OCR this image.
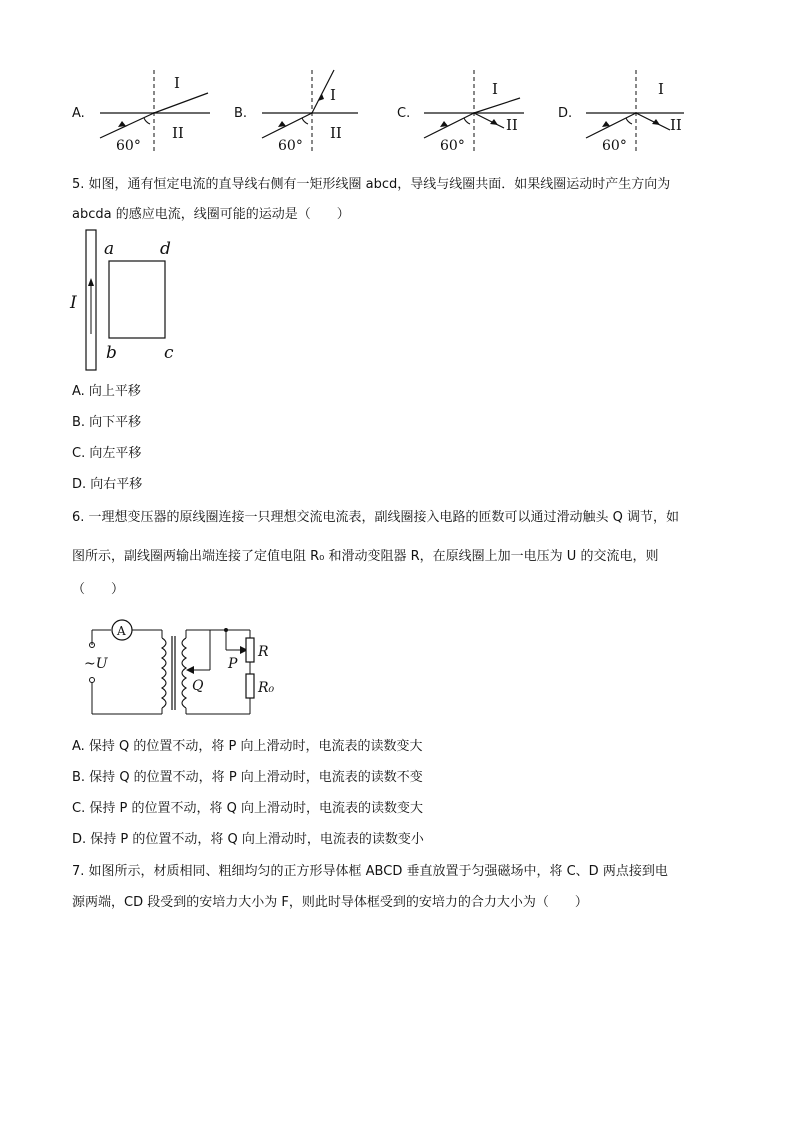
A.
I
II
60°
B.
I
II
60°
C.
I
II
60°
D.
I
II
60°
5. 如图，通有恒定电流的直导线右侧有一矩形线圈 abcd，导线与线圈共面．如果线圈运动时产生方向为
abcda 的感应电流，线圈可能的运动是（　　）
I
a	d
b	c
A. 向上平移
B. 向下平移
C. 向左平移
D. 向右平移
6. 一理想变压器的原线圈连接一只理想交流电流表，副线圈接入电路的匝数可以通过滑动触头 Q 调节，如
图所示，副线圈两输出端连接了定值电阻 R₀ 和滑动变阻器 R，在原线圈上加一电压为 U 的交流电，则
（　　）
A
~U
Q
P
R
R₀
A. 保持 Q 的位置不动，将 P 向上滑动时，电流表的读数变大
B. 保持 Q 的位置不动，将 P 向上滑动时，电流表的读数不变
C. 保持 P 的位置不动，将 Q 向上滑动时，电流表的读数变大
D. 保持 P 的位置不动，将 Q 向上滑动时，电流表的读数变小
7. 如图所示，材质相同、粗细均匀的正方形导体框 ABCD 垂直放置于匀强磁场中，将 C、D 两点接到电
源两端，CD 段受到的安培力大小为 F，则此时导体框受到的安培力的合力大小为（　　）
